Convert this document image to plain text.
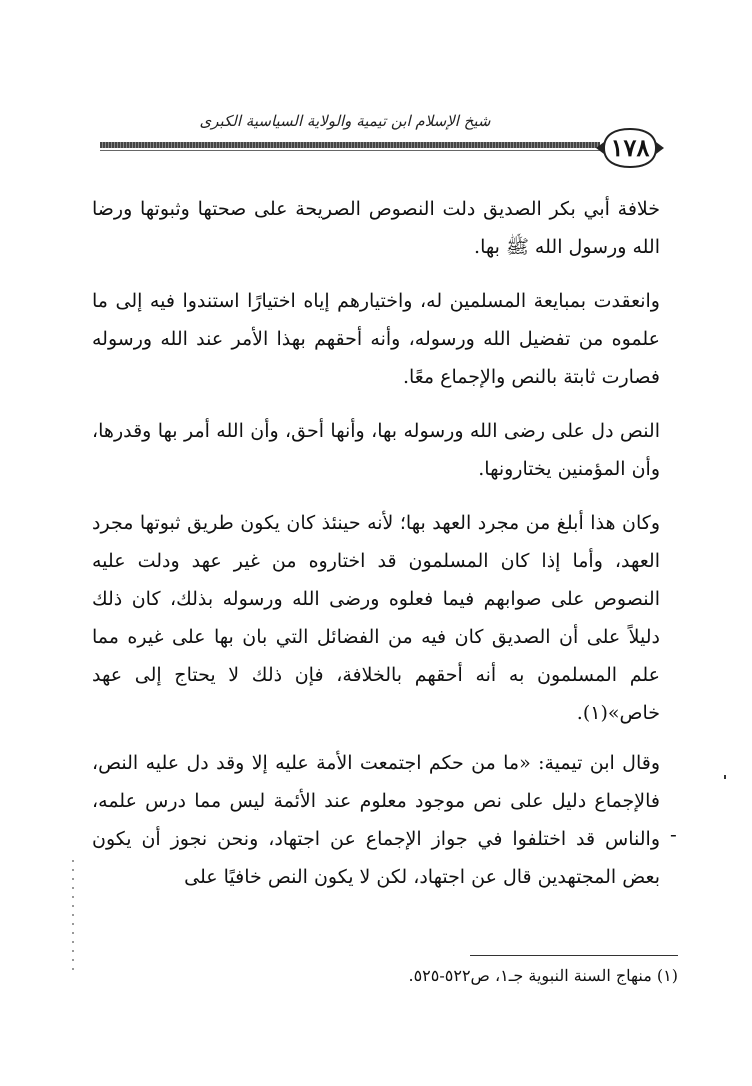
شيخ الإسلام ابن تيمية والولاية السياسية الكبرى
١٧٨

خلافة أبي بكر الصديق دلت النصوص الصريحة على صحتها وثبوتها ورضا الله ورسول الله ﷺ بها.

وانعقدت بمبايعة المسلمين له، واختيارهم إياه اختيارًا استندوا فيه إلى ما علموه من تفضيل الله ورسوله، وأنه أحقهم بهذا الأمر عند الله ورسوله فصارت ثابتة بالنص والإجماع معًا.

النص دل على رضى الله ورسوله بها، وأنها أحق، وأن الله أمر بها وقدرها، وأن المؤمنين يختارونها.

وكان هذا أبلغ من مجرد العهد بها؛ لأنه حينئذ كان يكون طريق ثبوتها مجرد العهد، وأما إذا كان المسلمون قد اختاروه من غير عهد ودلت عليه النصوص على صوابهم فيما فعلوه ورضى الله ورسوله بذلك، كان ذلك دليلاً على أن الصديق كان فيه من الفضائل التي بان بها على غيره مما علم المسلمون به أنه أحقهم بالخلافة، فإن ذلك لا يحتاج إلى عهد خاص»(١).

وقال ابن تيمية: «ما من حكم اجتمعت الأمة عليه إلا وقد دل عليه النص، فالإجماع دليل على نص موجود معلوم عند الأئمة ليس مما درس علمه، والناس قد اختلفوا في جواز الإجماع عن اجتهاد، ونحن نجوز أن يكون بعض المجتهدين قال عن اجتهاد، لكن لا يكون النص خافيًا على

-
(١) منهاج السنة النبوية جـ١، ص٥٢٢-٥٢٥.
